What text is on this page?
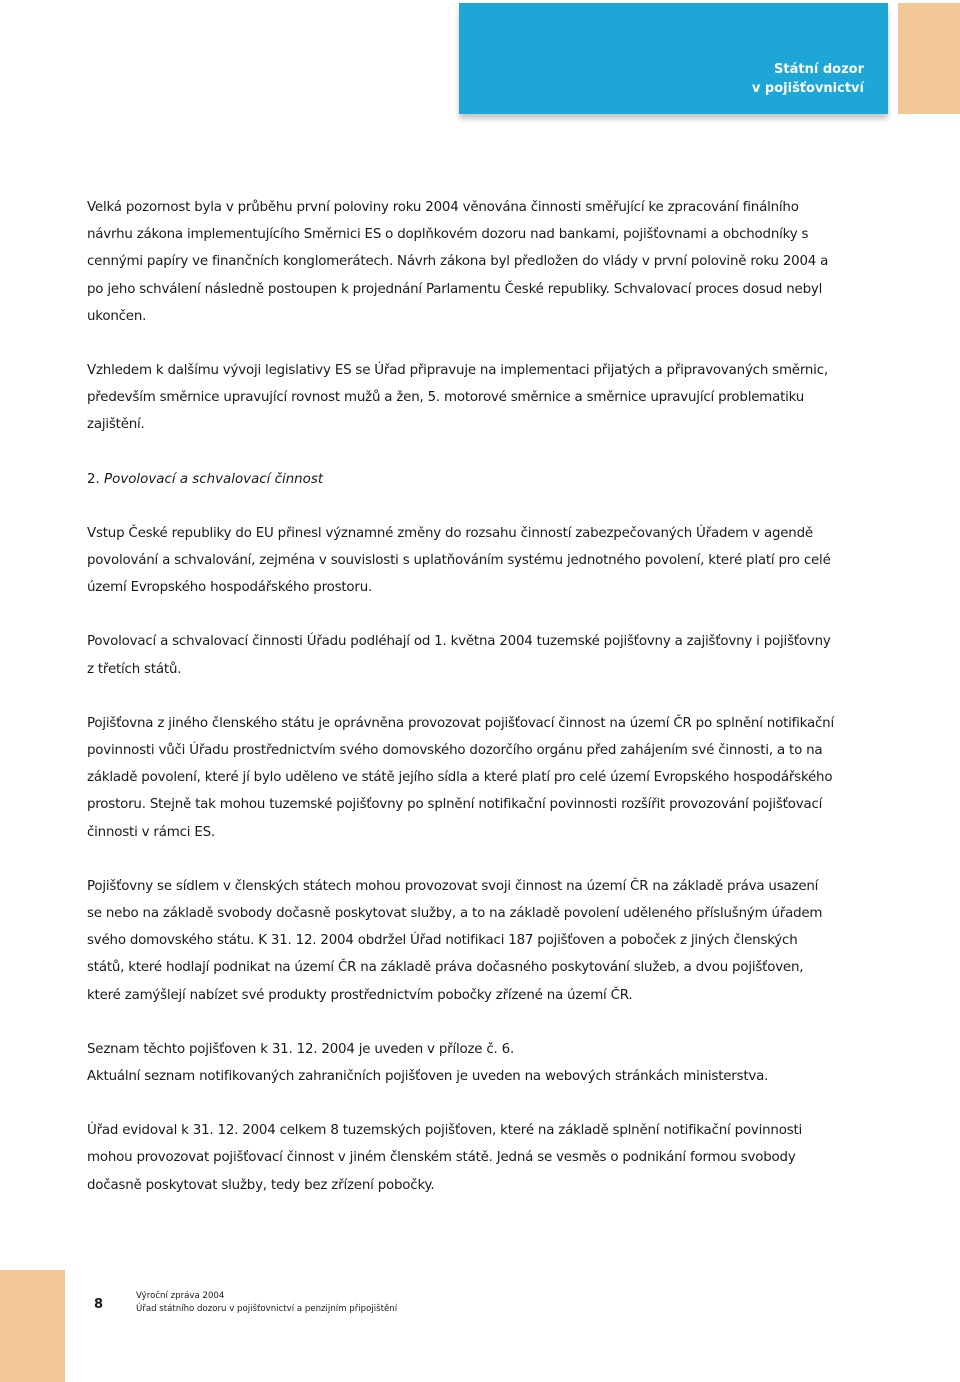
Státní dozor
v pojišťovnictví

Velká pozornost byla v průběhu první poloviny roku 2004 věnována činnosti směřující ke zpracování finálního návrhu zákona implementujícího Směrnici ES o doplňkovém dozoru nad bankami, pojišťovnami a obchodníky s cennými papíry ve finančních konglomerátech. Návrh zákona byl předložen do vlády v první polovině roku 2004 a po jeho schválení následně postoupen k projednání Parlamentu České republiky. Schvalovací proces dosud nebyl ukončen.

Vzhledem k dalšímu vývoji legislativy ES se Úřad připravuje na implementaci přijatých a připravovaných směrnic, především směrnice upravující rovnost mužů a žen, 5. motorové směrnice a směrnice upravující problematiku zajištění.

2. Povolovací a schvalovací činnost

Vstup České republiky do EU přinesl významné změny do rozsahu činností zabezpečovaných Úřadem v agendě povolování a schvalování, zejména v souvislosti s uplatňováním systému jednotného povolení, které platí pro celé území Evropského hospodářského prostoru.

Povolovací a schvalovací činnosti Úřadu podléhají od 1. května 2004 tuzemské pojišťovny a zajišťovny i pojišťovny z třetích států.

Pojišťovna z jiného členského státu je oprávněna provozovat pojišťovací činnost na území ČR po splnění notifikační povinnosti vůči Úřadu prostřednictvím svého domovského dozorčího orgánu před zahájením své činnosti, a to na základě povolení, které jí bylo uděleno ve státě jejího sídla a které platí pro celé území Evropského hospodářského prostoru. Stejně tak mohou tuzemské pojišťovny po splnění notifikační povinnosti rozšířit provozování pojišťovací činnosti v rámci ES.

Pojišťovny se sídlem v členských státech mohou provozovat svoji činnost na území ČR na základě práva usazení se nebo na základě svobody dočasně poskytovat služby, a to na základě povolení uděleného příslušným úřadem svého domovského státu. K 31. 12. 2004 obdržel Úřad notifikaci 187 pojišťoven a poboček z jiných členských států, které hodlají podnikat na území ČR na základě práva dočasného poskytování služeb, a dvou pojišťoven, které zamýšlejí nabízet své produkty prostřednictvím pobočky zřízené na území ČR.

Seznam těchto pojišťoven k 31. 12. 2004 je uveden v příloze č. 6.

Aktuální seznam notifikovaných zahraničních pojišťoven je uveden na webových stránkách ministerstva.

Úřad evidoval k 31. 12. 2004 celkem 8 tuzemských pojišťoven, které na základě splnění notifikační povinnosti mohou provozovat pojišťovací činnost v jiném členském státě. Jedná se vesměs o podnikání formou svobody dočasně poskytovat služby, tedy bez zřízení pobočky.

8
Výroční zpráva 2004
Úřad státního dozoru v pojišťovnictví a penzijním připojištění
